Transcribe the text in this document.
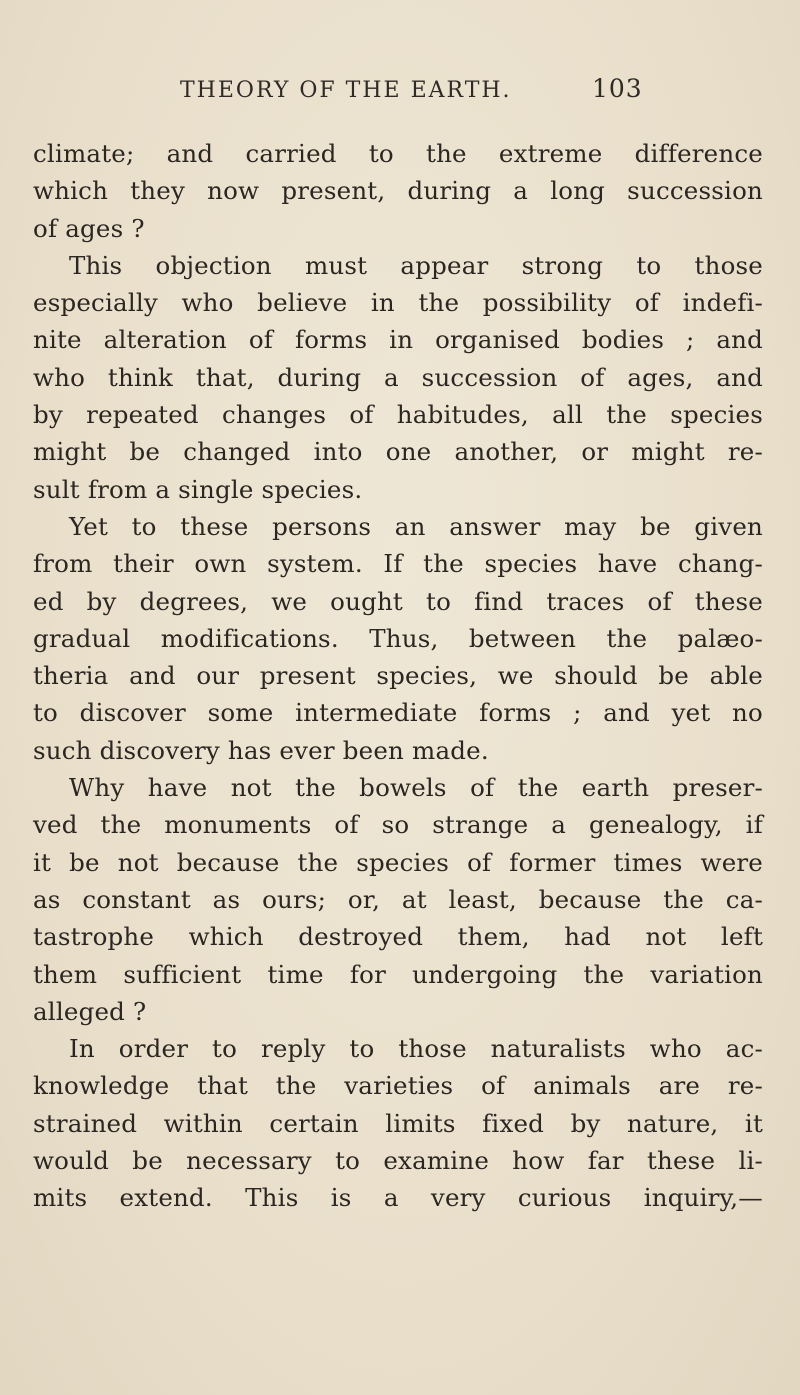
THEORY OF THE EARTH.	103
climate; and carried to the extreme difference
which they now present, during a long succession
of ages ?
This objection must appear strong to those
especially who believe in the possibility of indefi-
nite alteration of forms in organised bodies ; and
who think that, during a succession of ages, and
by repeated changes of habitudes, all the species
might be changed into one another, or might re-
sult from a single species.
Yet to these persons an answer may be given
from their own system. If the species have chang-
ed by degrees, we ought to find traces of these
gradual modifications. Thus, between the palæo-
theria and our present species, we should be able
to discover some intermediate forms ; and yet no
such discovery has ever been made.
Why have not the bowels of the earth preser-
ved the monuments of so strange a genealogy, if
it be not because the species of former times were
as constant as ours; or, at least, because the ca-
tastrophe which destroyed them, had not left
them sufficient time for undergoing the variation
alleged ?
In order to reply to those naturalists who ac-
knowledge that the varieties of animals are re-
strained within certain limits fixed by nature, it
would be necessary to examine how far these li-
mits extend. This is a very curious inquiry,—
